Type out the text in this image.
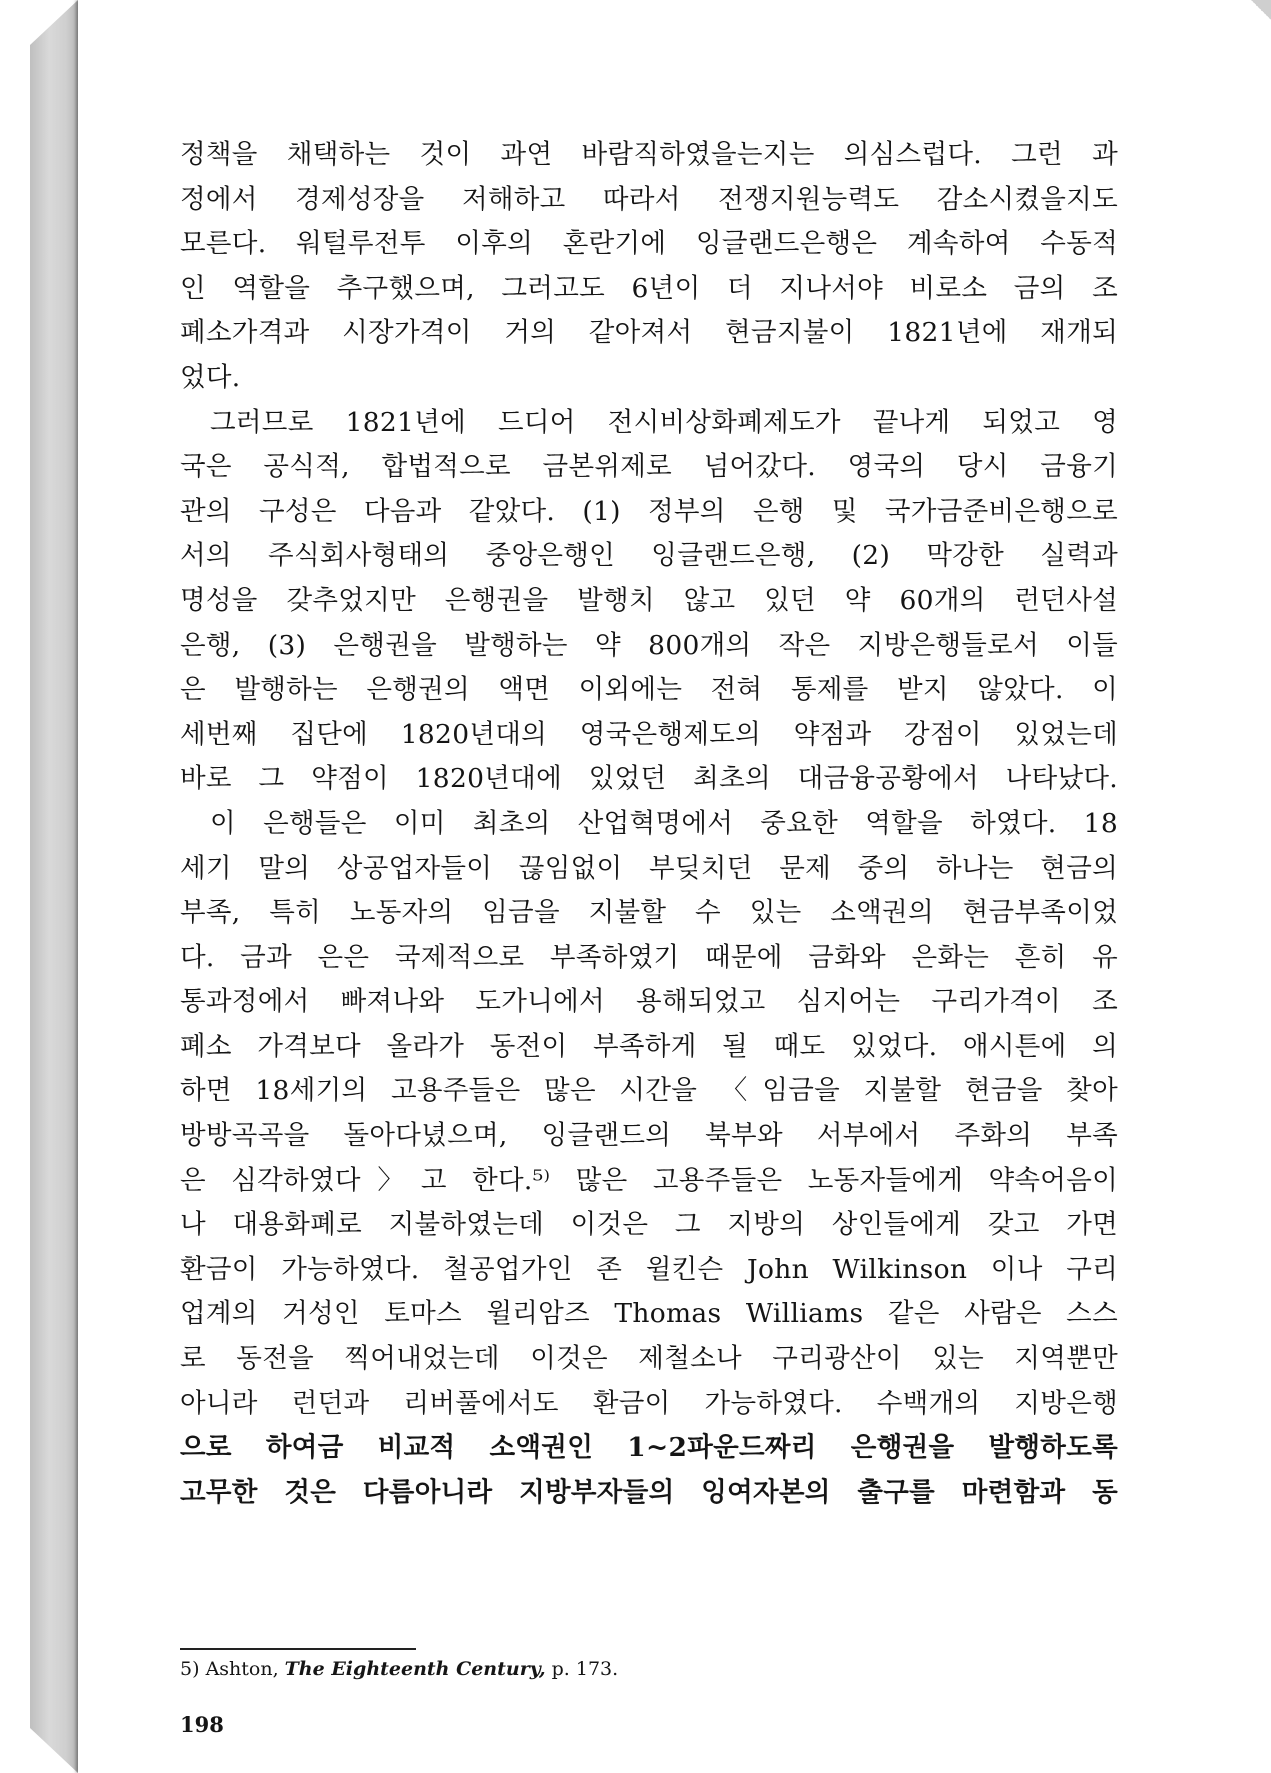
정책을 채택하는 것이 과연 바람직하였을는지는 의심스럽다. 그런 과
정에서 경제성장을 저해하고 따라서 전쟁지원능력도 감소시켰을지도
모른다. 워털루전투 이후의 혼란기에 잉글랜드은행은 계속하여 수동적
인 역할을 추구했으며, 그러고도 6년이 더 지나서야 비로소 금의 조
폐소가격과 시장가격이 거의 같아져서 현금지불이 1821년에 재개되
었다.
그러므로 1821년에 드디어 전시비상화폐제도가 끝나게 되었고 영
국은 공식적, 합법적으로 금본위제로 넘어갔다. 영국의 당시 금융기
관의 구성은 다음과 같았다. (1) 정부의 은행 및 국가금준비은행으로
서의 주식회사형태의 중앙은행인 잉글랜드은행, (2) 막강한 실력과
명성을 갖추었지만 은행권을 발행치 않고 있던 약 60개의 런던사설
은행, (3) 은행권을 발행하는 약 800개의 작은 지방은행들로서 이들
은 발행하는 은행권의 액면 이외에는 전혀 통제를 받지 않았다. 이
세번째 집단에 1820년대의 영국은행제도의 약점과 강점이 있었는데
바로 그 약점이 1820년대에 있었던 최초의 대금융공황에서 나타났다.
이 은행들은 이미 최초의 산업혁명에서 중요한 역할을 하였다. 18
세기 말의 상공업자들이 끊임없이 부딪치던 문제 중의 하나는 현금의
부족, 특히 노동자의 임금을 지불할 수 있는 소액권의 현금부족이었
다. 금과 은은 국제적으로 부족하였기 때문에 금화와 은화는 흔히 유
통과정에서 빠져나와 도가니에서 용해되었고 심지어는 구리가격이 조
폐소 가격보다 올라가 동전이 부족하게 될 때도 있었다. 애시튼에 의
하면 18세기의 고용주들은 많은 시간을 〈임금을 지불할 현금을 찾아
방방곡곡을 돌아다녔으며, 잉글랜드의 북부와 서부에서 주화의 부족
은 심각하였다〉고 한다.⁵⁾ 많은 고용주들은 노동자들에게 약속어음이
나 대용화폐로 지불하였는데 이것은 그 지방의 상인들에게 갖고 가면
환금이 가능하였다. 철공업가인 존 윌킨슨 John Wilkinson 이나 구리
업계의 거성인 토마스 윌리암즈 Thomas Williams 같은 사람은 스스
로 동전을 찍어내었는데 이것은 제철소나 구리광산이 있는 지역뿐만
아니라 런던과 리버풀에서도 환금이 가능하였다. 수백개의 지방은행
으로 하여금 비교적 소액권인 1~2파운드짜리 은행권을 발행하도록
고무한 것은 다름아니라 지방부자들의 잉여자본의 출구를 마련함과 동
5) Ashton, The Eighteenth Century, p. 173.
198
